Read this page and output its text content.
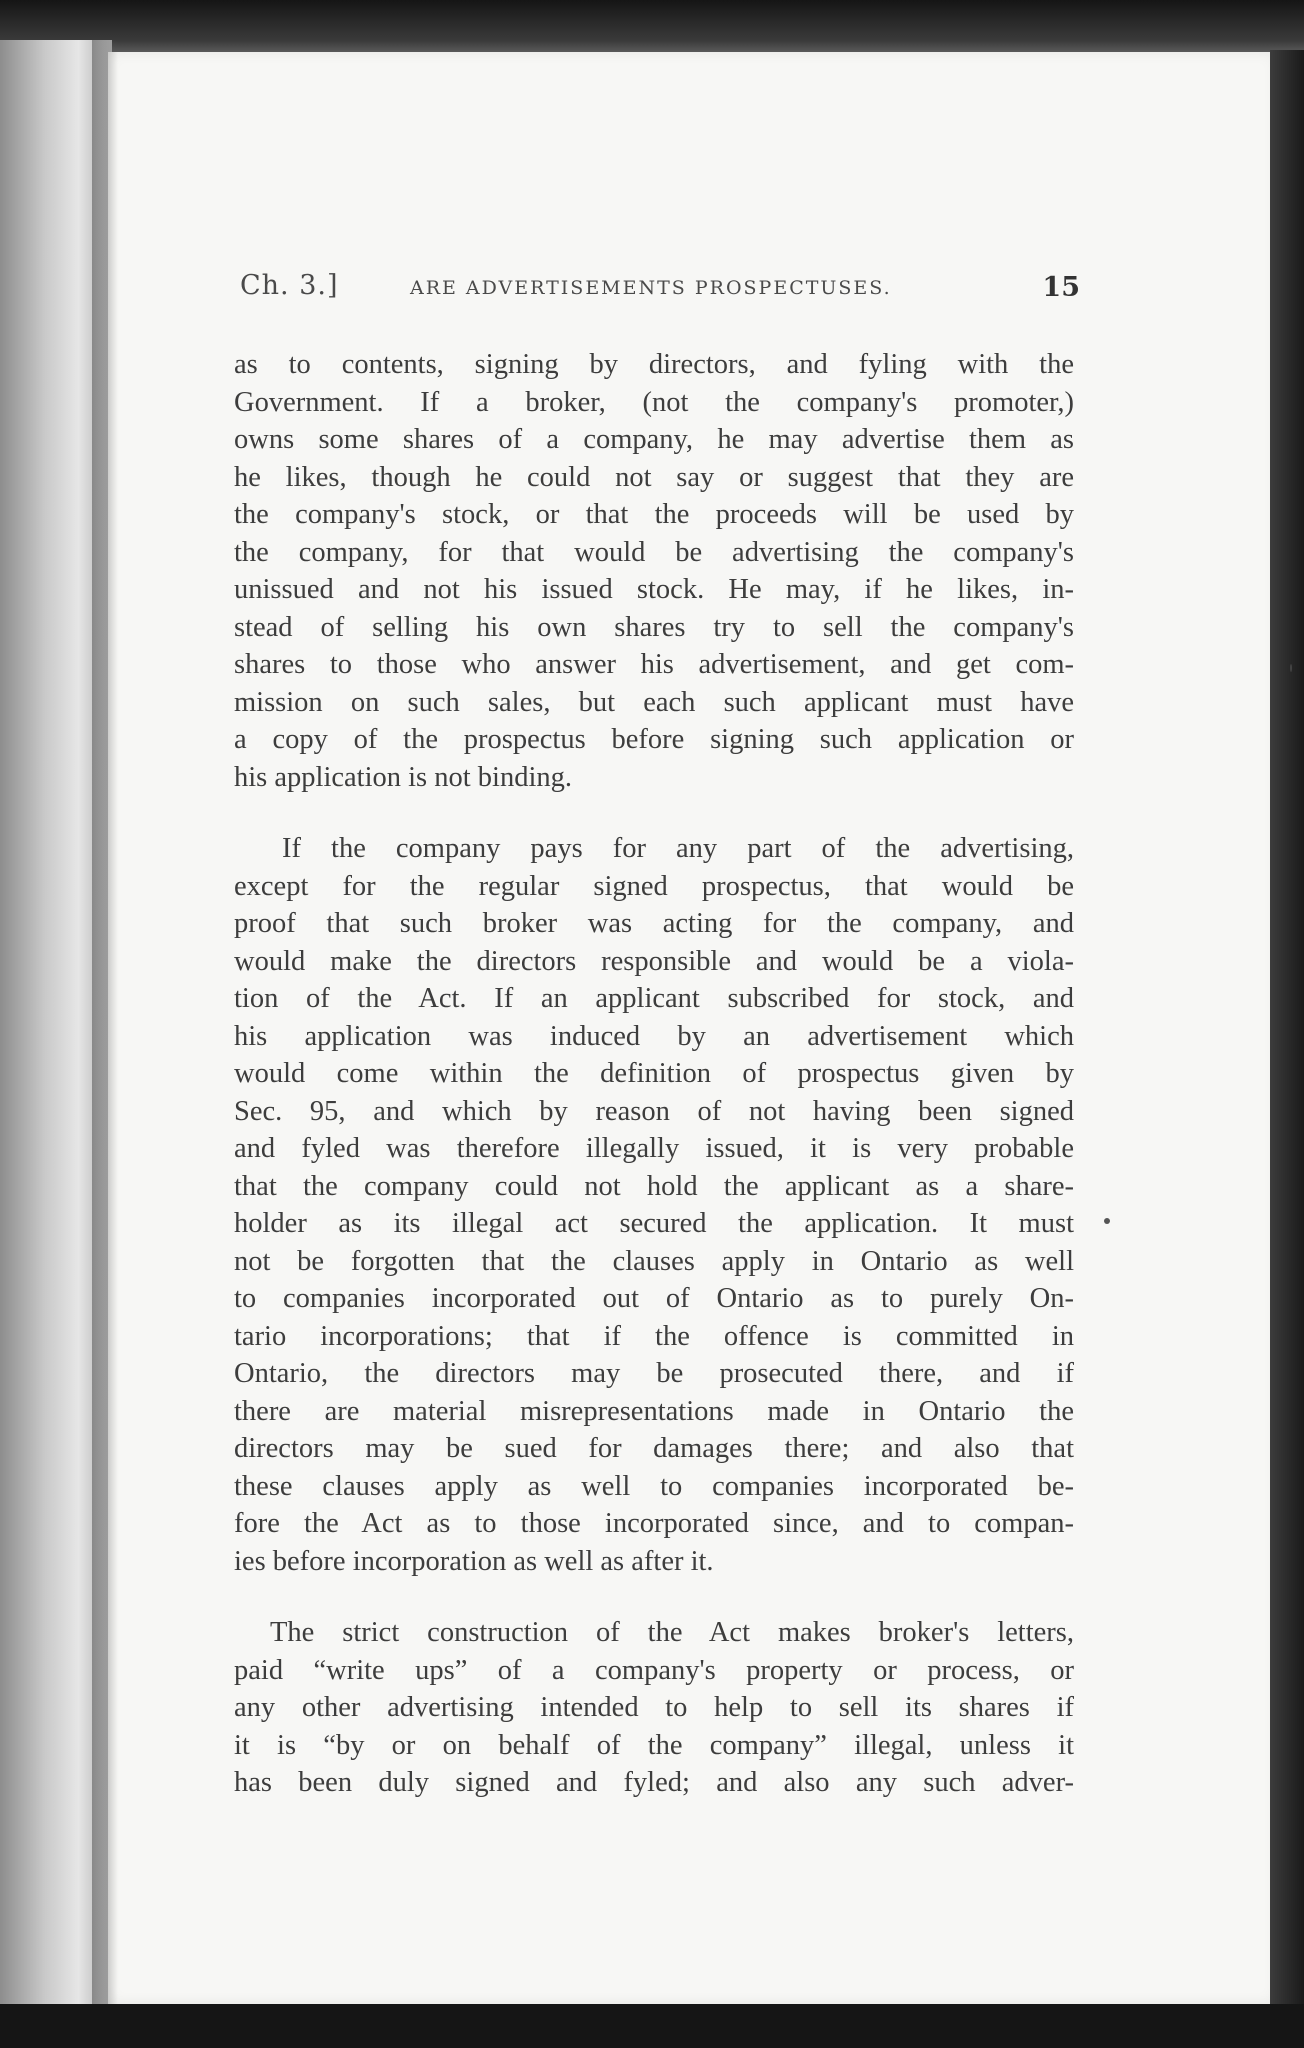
Ch. 3.]	ARE ADVERTISEMENTS PROSPECTUSES.	15

as to contents, signing by directors, and fyling with the
Government. If a broker, (not the company's promoter,)
owns some shares of a company, he may advertise them as
he likes, though he could not say or suggest that they are
the company's stock, or that the proceeds will be used by
the company, for that would be advertising the company's
unissued and not his issued stock. He may, if he likes, in-
stead of selling his own shares try to sell the company's
shares to those who answer his advertisement, and get com-
mission on such sales, but each such applicant must have
a copy of the prospectus before signing such application or
his application is not binding.

If the company pays for any part of the advertising,
except for the regular signed prospectus, that would be
proof that such broker was acting for the company, and
would make the directors responsible and would be a viola-
tion of the Act. If an applicant subscribed for stock, and
his application was induced by an advertisement which
would come within the definition of prospectus given by
Sec. 95, and which by reason of not having been signed
and fyled was therefore illegally issued, it is very probable
that the company could not hold the applicant as a share-
holder as its illegal act secured the application. It must
not be forgotten that the clauses apply in Ontario as well
to companies incorporated out of Ontario as to purely On-
tario incorporations; that if the offence is committed in
Ontario, the directors may be prosecuted there, and if
there are material misrepresentations made in Ontario the
directors may be sued for damages there; and also that
these clauses apply as well to companies incorporated be-
fore the Act as to those incorporated since, and to compan-
ies before incorporation as well as after it.

The strict construction of the Act makes broker's letters,
paid “write ups” of a company's property or process, or
any other advertising intended to help to sell its shares if
it is “by or on behalf of the company” illegal, unless it
has been duly signed and fyled; and also any such adver-
